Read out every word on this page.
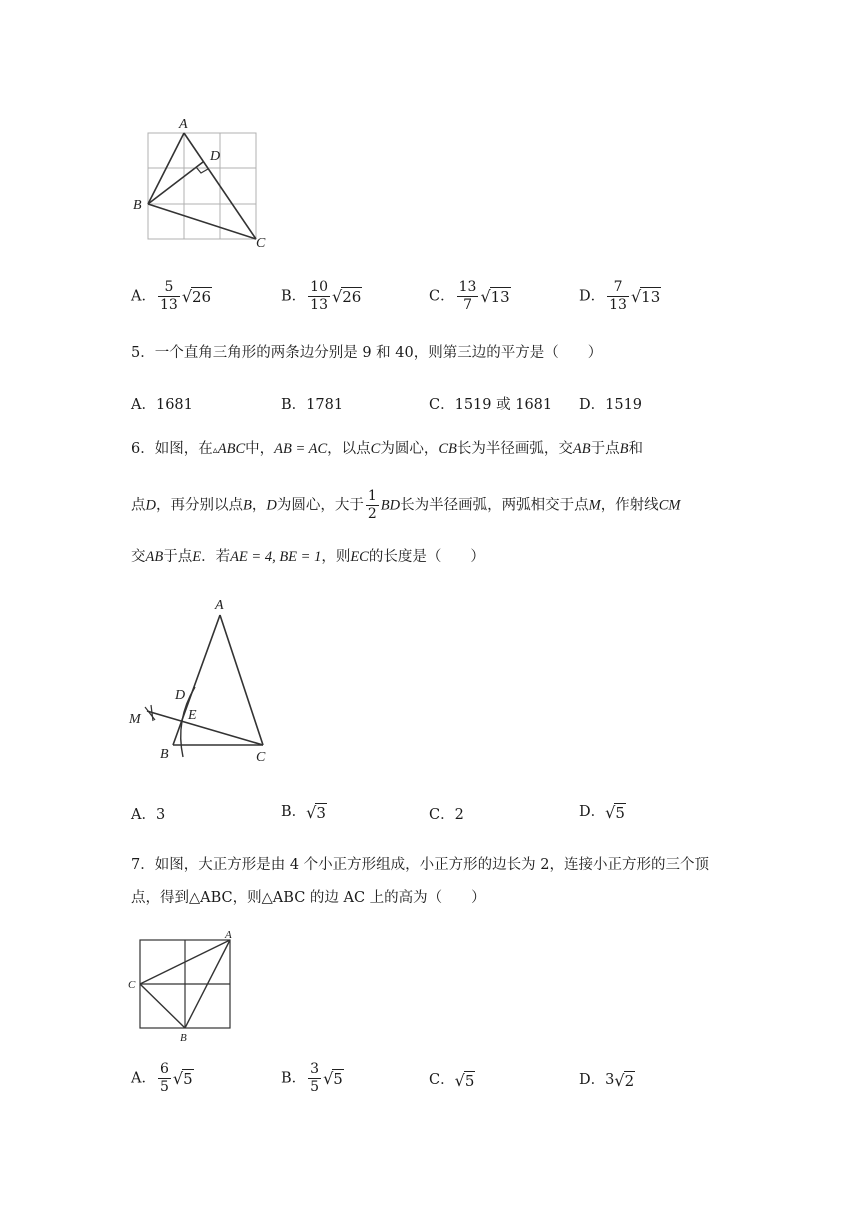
A
B
C
D
A． $\frac{5}{13} √26$	B． $\frac{10}{13} √26$	C． $\frac{13}{7} √13$	D． $\frac{7}{13} √13$
5．一个直角三角形的两条边分别是 9 和 40，则第三边的平方是（　　）
A．1681	B．1781	C．1519 或 1681 D．1519
6．如图，在▵ABC中，AB = AC，以点C为圆心，CB长为半径画弧，交AB于点B和
点D，再分别以点B，D为圆心，大于 $\frac{1}{2}$ BD长为半径画弧，两弧相交于点M，作射线CM
交AB于点E．若AE = 4, BE = 1，则EC的长度是（　　）
A
D
E
M
B	C
A．3	B．√3	C．2	D．√5
7．如图，大正方形是由 4 个小正方形组成，小正方形的边长为 2，连接小正方形的三个顶
点，得到△ABC，则△ABC 的边 AC 上的高为（　　）
A
C
B
A． $\frac{6}{5} √5$	B． $\frac{3}{5} √5$	C．√5	D．3√2
